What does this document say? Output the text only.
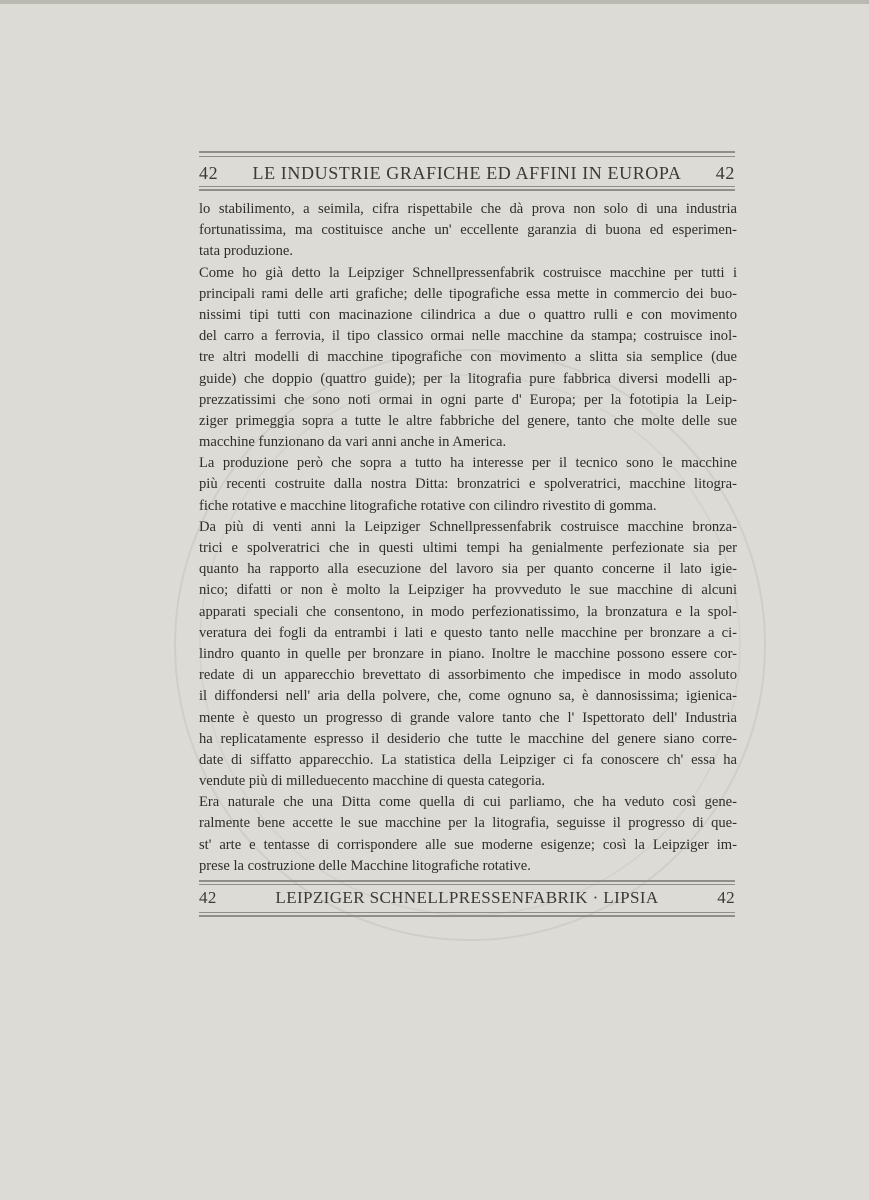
42	LE INDUSTRIE GRAFICHE ED AFFINI IN EUROPA	42
lo stabilimento, a seimila, cifra rispettabile che dà prova non solo di una industria
fortunatissima, ma costituisce anche un' eccellente garanzia di buona ed esperimen-
tata produzione.
Come ho già detto la Leipziger Schnellpressenfabrik costruisce macchine per tutti i
principali rami delle arti grafiche; delle tipografiche essa mette in commercio dei buo-
nissimi tipi tutti con macinazione cilindrica a due o quattro rulli e con movimento
del carro a ferrovia, il tipo classico ormai nelle macchine da stampa; costruisce inol-
tre altri modelli di macchine tipografiche con movimento a slitta sia semplice (due
guide) che doppio (quattro guide); per la litografia pure fabbrica diversi modelli ap-
prezzatissimi che sono noti ormai in ogni parte d' Europa; per la fototipia la Leip-
ziger primeggia sopra a tutte le altre fabbriche del genere, tanto che molte delle sue
macchine funzionano da vari anni anche in America.
La produzione però che sopra a tutto ha interesse per il tecnico sono le macchine
più recenti costruite dalla nostra Ditta: bronzatrici e spolveratrici, macchine litogra-
fiche rotative e macchine litografiche rotative con cilindro rivestito di gomma.
Da più di venti anni la Leipziger Schnellpressenfabrik costruisce macchine bronza-
trici e spolveratrici che in questi ultimi tempi ha genialmente perfezionate sia per
quanto ha rapporto alla esecuzione del lavoro sia per quanto concerne il lato igie-
nico; difatti or non è molto la Leipziger ha provveduto le sue macchine di alcuni
apparati speciali che consentono, in modo perfezionatissimo, la bronzatura e la spol-
veratura dei fogli da entrambi i lati e questo tanto nelle macchine per bronzare a ci-
lindro quanto in quelle per bronzare in piano. Inoltre le macchine possono essere cor-
redate di un apparecchio brevettato di assorbimento che impedisce in modo assoluto
il diffondersi nell' aria della polvere, che, come ognuno sa, è dannosissima; igienica-
mente è questo un progresso di grande valore tanto che l' Ispettorato dell' Industria
ha replicatamente espresso il desiderio che tutte le macchine del genere siano corre-
date di siffatto apparecchio. La statistica della Leipziger ci fa conoscere ch' essa ha
vendute più di milleduecento macchine di questa categoria.
Era naturale che una Ditta come quella di cui parliamo, che ha veduto così gene-
ralmente bene accette le sue macchine per la litografia, seguisse il progresso di que-
st' arte e tentasse di corrispondere alle sue moderne esigenze; così la Leipziger im-
prese la costruzione delle Macchine litografiche rotative.
42	LEIPZIGER SCHNELLPRESSENFABRIK · LIPSIA	42
